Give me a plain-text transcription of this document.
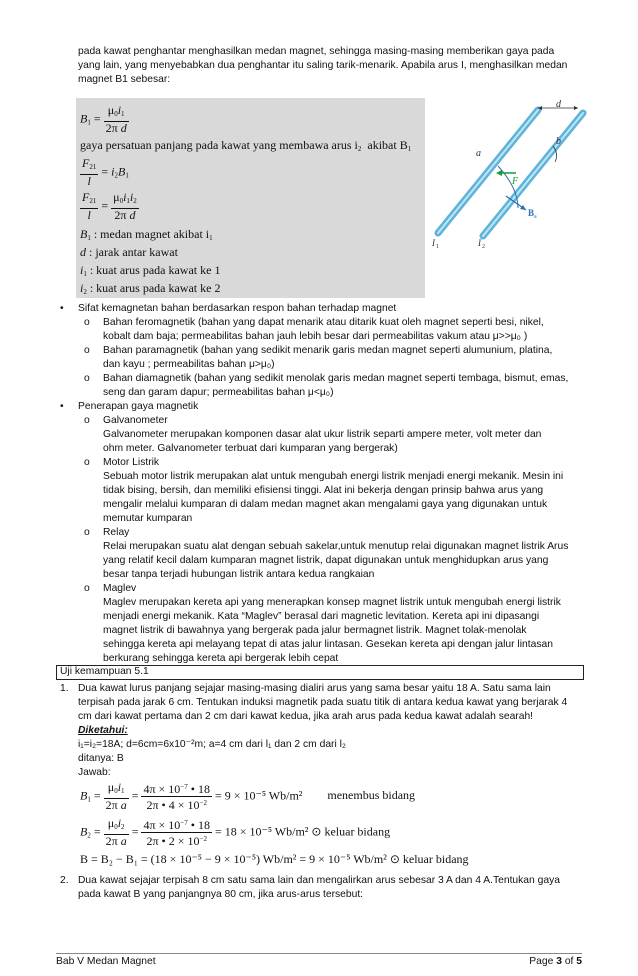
pada kawat penghantar menghasilkan medan magnet, sehingga masing-masing memberikan gaya pada

yang lain, yang menyebabkan dua penghantar itu saling tarik-menarik. Apabila arus I, menghasilkan medan

magnet B1 sebesar:

$B_1 = \frac{\mu_0i_1}{\text{2π d}}$
gaya persatuan panjang pada kawat yang membawa arus $i_2$ akibat $B_1$
$\frac{F_{21}}{l} = i_2B_1$
$\frac{F_{21}}{l} = \frac{\mu_0i_1i_2}{\text{2π d}}$
$B_1$ : medan magnet akibat $i_1$
d : jarak antar kawat
$i_1$ : kuat arus pada kawat ke 1
$i_2$ : kuat arus pada kawat ke 2
d
a
b
F
B a
I 1	I 2
• Sifat kemagnetan bahan berdasarkan respon bahan terhadap magnet

o Bahan feromagnetik (bahan yang dapat menarik atau ditarik kuat oleh magnet seperti besi, nikel,

kobalt dam baja; permeabilitas bahan jauh lebih besar dari permeabilitas vakum atau μ>>μ₀ )

o Bahan paramagnetik (bahan yang sedikit menarik garis medan magnet seperti alumunium, platina,

dan kayu ; permeabilitas bahan μ>μ₀)

o Bahan diamagnetik (bahan yang sedikit menolak garis medan magnet seperti tembaga, bismut, emas,

seng dan garam dapur; permeabilitas bahan μ<μ₀)

• Penerapan gaya magnetik

o Galvanometer

Galvanometer merupakan komponen dasar alat ukur listrik separti ampere meter, volt meter dan

ohm meter. Galvanometer terbuat dari kumparan yang bergerak)

o Motor Listrik

Sebuah motor listrik merupakan alat untuk mengubah energi listrik menjadi energi mekanik. Mesin ini

tidak bising, bersih, dan memiliki efisiensi tinggi. Alat ini bekerja dengan prinsip bahwa arus yang

mengalir melalui kumparan di dalam medan magnet akan mengalami gaya yang digunakan untuk

memutar kumparan

o Relay

Relai merupakan suatu alat dengan sebuah sakelar,untuk menutup relai digunakan magnet listrik Arus

yang relatif kecil dalam kumparan magnet listrik, dapat digunakan untuk menghidupkan arus yang

besar tanpa terjadi hubungan listrik antara kedua rangkaian

o Maglev

Maglev merupakan kereta api yang menerapkan konsep magnet listrik untuk mengubah energi listrik

menjadi energi mekanik. Kata “Maglev” berasal dari magnetic levitation. Kereta api ini dipasangi

magnet listrik di bawahnya yang bergerak pada jalur bermagnet listrik. Magnet tolak-menolak

sehingga kereta api melayang tepat di atas jalur lintasan. Gesekan kereta api dengan jalur lintasan

berkurang sehingga kereta api bergerak lebih cepat

Uji kemampuan 5.1

1. Dua kawat lurus panjang sejajar masing-masing dialiri arus yang sama besar yaitu 18 A. Satu sama lain

terpisah pada jarak 6 cm. Tentukan induksi magnetik pada suatu titik di antara kedua kawat yang berjarak 4

cm dari kawat pertama dan 2 cm dari kawat kedua, jika arah arus pada kedua kawat adalah searah!

Diketahui:

i₁=i₂=18A; d=6cm=6x10⁻²m; a=4 cm dari l₁ dan 2 cm dari l₂

ditanya: B

Jawab:

$B_1 = \frac{\mu_0i_1}{\text{2π a}} = \frac{4\pi \times 10^{-7} • 18}{2\pi • 4 \times 10^{-2}} = 9 \times 10^{-5}$ Wb/m² menembus bidang
$B_2 = \frac{\mu_0i_2}{\text{2π a}} = \frac{4\pi \times 10^{-7} • 18}{2\pi • 2 \times 10^{-2}} = 18 \times 10^{-5}$ Wb/m² ⊙ keluar bidang
B = B₂ − B₁ = (18 × 10⁻⁵ − 9 × 10⁻⁵) Wb/m² = 9 × 10⁻⁵ Wb/m² ⊙ keluar bidang
2. Dua kawat sejajar terpisah 8 cm satu sama lain dan mengalirkan arus sebesar 3 A dan 4 A.Tentukan gaya

pada kawat B yang panjangnya 80 cm, jika arus-arus tersebut:

Bab V Medan Magnet	Page 3 of 5
